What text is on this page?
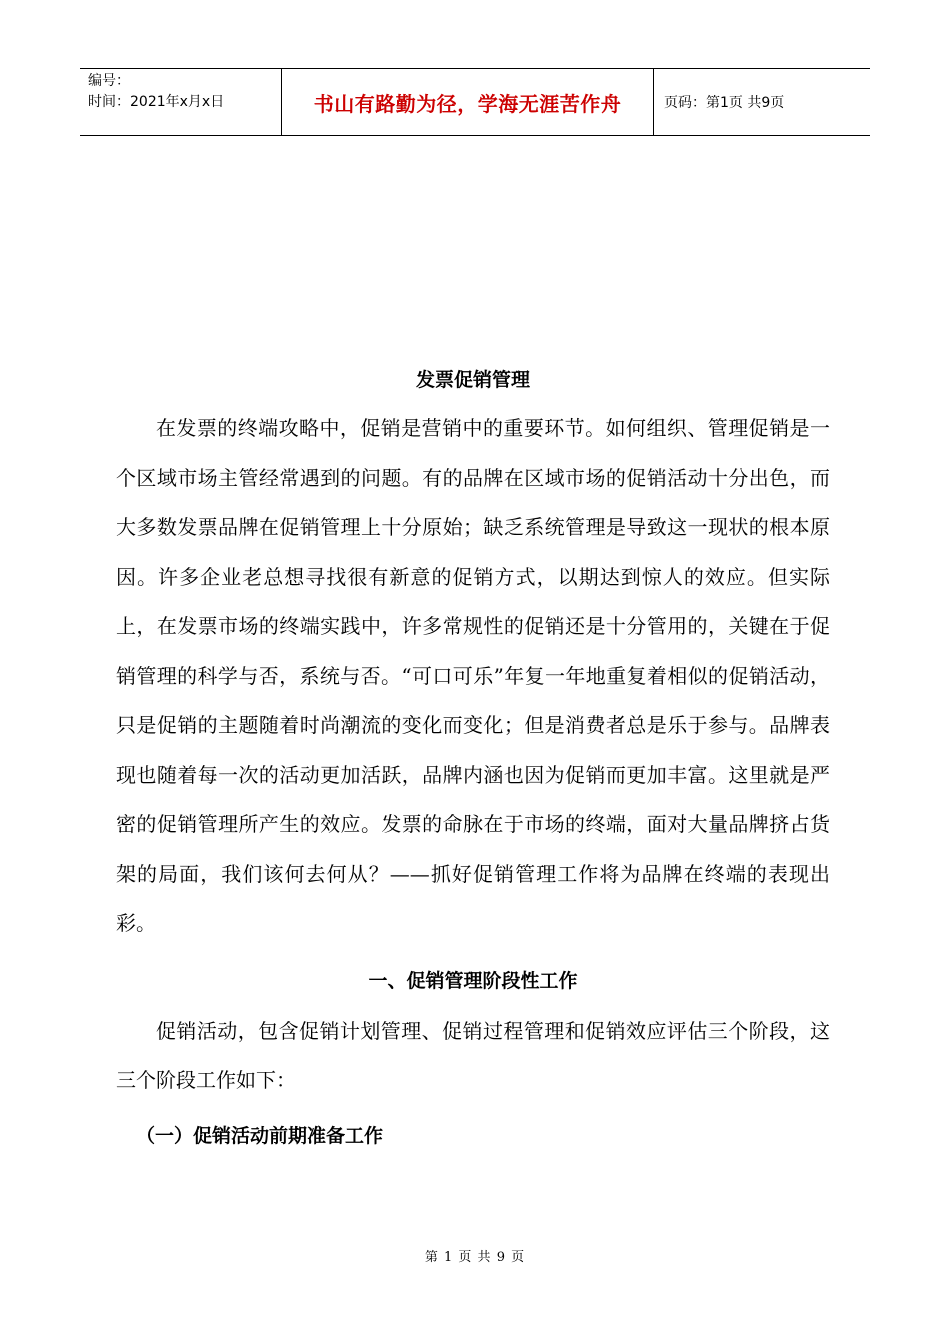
编号：
时间：2021年x月x日	书山有路勤为径，学海无涯苦作舟	页码：第1页 共9页
发票促销管理

在发票的终端攻略中，促销是营销中的重要环节。如何组织、管理促销是一个区域市场主管经常遇到的问题。有的品牌在区域市场的促销活动十分出色，而大多数发票品牌在促销管理上十分原始；缺乏系统管理是导致这一现状的根本原因。许多企业老总想寻找很有新意的促销方式，以期达到惊人的效应。但实际上，在发票市场的终端实践中，许多常规性的促销还是十分管用的，关键在于促销管理的科学与否，系统与否。“可口可乐”年复一年地重复着相似的促销活动，只是促销的主题随着时尚潮流的变化而变化；但是消费者总是乐于参与。品牌表现也随着每一次的活动更加活跃，品牌内涵也因为促销而更加丰富。这里就是严密的促销管理所产生的效应。发票的命脉在于市场的终端，面对大量品牌挤占货架的局面，我们该何去何从？——抓好促销管理工作将为品牌在终端的表现出彩。

一、促销管理阶段性工作

促销活动，包含促销计划管理、促销过程管理和促销效应评估三个阶段，这三个阶段工作如下：

（一）促销活动前期准备工作
第 1 页 共 9 页
